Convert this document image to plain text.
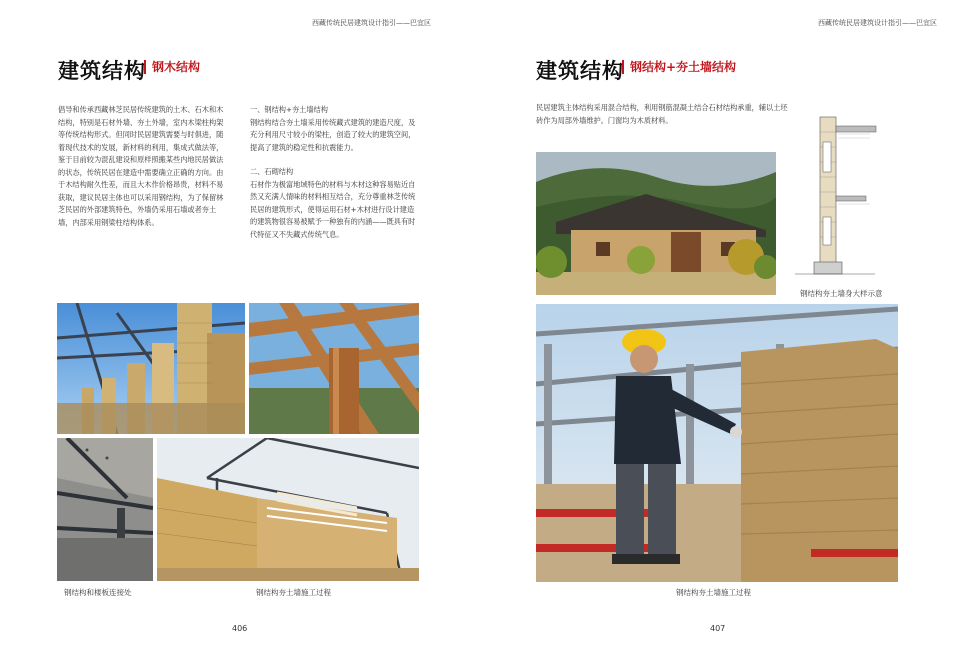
西藏传统民居建筑设计指引——巴宜区
建筑结构 钢木结构

倡导和传承西藏林芝民居传统建筑的土木、石木和木结构，特别是石材外墙、夯土外墙，室内木梁柱构架等传统结构形式。但同时民居建筑需要与时俱进，随着现代技术的发展，新材料的利用，集成式做法等，鉴于目前较为混乱建设和原样照搬某些内地民居做法的状态，传统民居在建造中需要确立正确的方向。由于木结构耐久性差，而且大木作价格昂贵，材料不易获取，建议民居主体也可以采用钢结构，为了保留林芝民居的外部建筑特色，外墙仍采用石墙或者夯土墙，内部采用钢梁柱结构体系。

一、钢结构+夯土墙结构

钢结构结合夯土墙采用传统藏式建筑的建造尺度，及充分利用尺寸较小的梁柱，创造了较大的建筑空间，提高了建筑的稳定性和抗震能力。

二、石砌结构

石材作为极富地域特色的材料与木材这种容易贴近自然又充满人情味的材料相互结合，充分尊重林芝传统民居的建筑形式，使得运用石材+木材进行设计建造的建筑物很容易被赋予一种独有的内涵——既具有时代特征又不失藏式传统气息。

钢结构和楼板连接处	钢结构夯土墙施工过程
406
西藏传统民居建筑设计指引——巴宜区
建筑结构 钢结构+夯土墙结构

民居建筑主体结构采用混合结构，利用钢筋混凝土结合石材结构承重，辅以土坯砖作为局部外墙维护。门窗均为木质材料。

钢结构夯土墙身大样示意
钢结构夯土墙施工过程
407
